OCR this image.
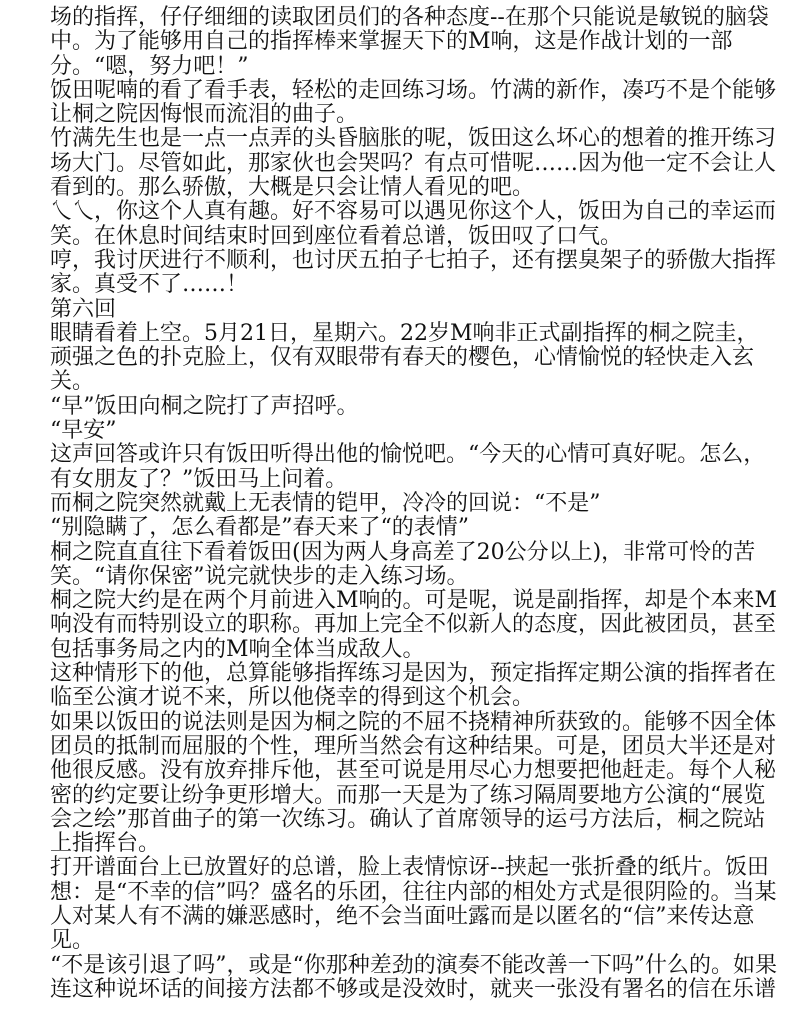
场的指挥，仔仔细细的读取团员们的各种态度--在那个只能说是敏锐的脑袋中。为了能够用自己的指挥棒来掌握天下的M响，这是作战计划的一部分。“嗯，努力吧！”

饭田呢喃的看了看手表，轻松的走回练习场。竹满的新作，凑巧不是个能够让桐之院因悔恨而流泪的曲子。

竹满先生也是一点一点弄的头昏脑胀的呢，饭田这么坏心的想着的推开练习场大门。尽管如此，那家伙也会哭吗？有点可惜呢……因为他一定不会让人看到的。那么骄傲，大概是只会让情人看见的吧。

乀乀，你这个人真有趣。好不容易可以遇见你这个人，饭田为自己的幸运而笑。在休息时间结束时回到座位看着总谱，饭田叹了口气。

哼，我讨厌进行不顺利，也讨厌五拍子七拍子，还有摆臭架子的骄傲大指挥家。真受不了……！

第六回

眼睛看着上空。5月21日，星期六。22岁M响非正式副指挥的桐之院圭，顽强之色的扑克脸上，仅有双眼带有春天的樱色，心情愉悦的轻快走入玄关。

“早”饭田向桐之院打了声招呼。

“早安”

这声回答或许只有饭田听得出他的愉悦吧。“今天的心情可真好呢。怎么，有女朋友了？”饭田马上问着。

而桐之院突然就戴上无表情的铠甲，冷冷的回说：“不是”

“别隐瞒了，怎么看都是”春天来了“的表情”

桐之院直直往下看着饭田(因为两人身高差了20公分以上)，非常可怜的苦笑。“请你保密”说完就快步的走入练习场。

桐之院大约是在两个月前进入M响的。可是呢，说是副指挥，却是个本来M响没有而特别设立的职称。再加上完全不似新人的态度，因此被团员，甚至包括事务局之内的M响全体当成敌人。

这种情形下的他，总算能够指挥练习是因为，预定指挥定期公演的指挥者在临至公演才说不来，所以他侥幸的得到这个机会。

如果以饭田的说法则是因为桐之院的不屈不挠精神所获致的。能够不因全体团员的抵制而屈服的个性，理所当然会有这种结果。可是，团员大半还是对他很反感。没有放弃排斥他，甚至可说是用尽心力想要把他赶走。每个人秘密的约定要让纷争更形增大。而那一天是为了练习隔周要地方公演的“展览会之绘”那首曲子的第一次练习。确认了首席领导的运弓方法后，桐之院站上指挥台。

打开谱面台上已放置好的总谱，脸上表情惊讶--挟起一张折叠的纸片。饭田想：是“不幸的信”吗？盛名的乐团，往往内部的相处方式是很阴险的。当某人对某人有不满的嫌恶感时，绝不会当面吐露而是以匿名的“信”来传达意见。

“不是该引退了吗”，或是“你那种差劲的演奏不能改善一下吗”什么的。如果连这种说坏话的间接方法都不够或是没效时，就夹一张没有署名的信在乐谱
